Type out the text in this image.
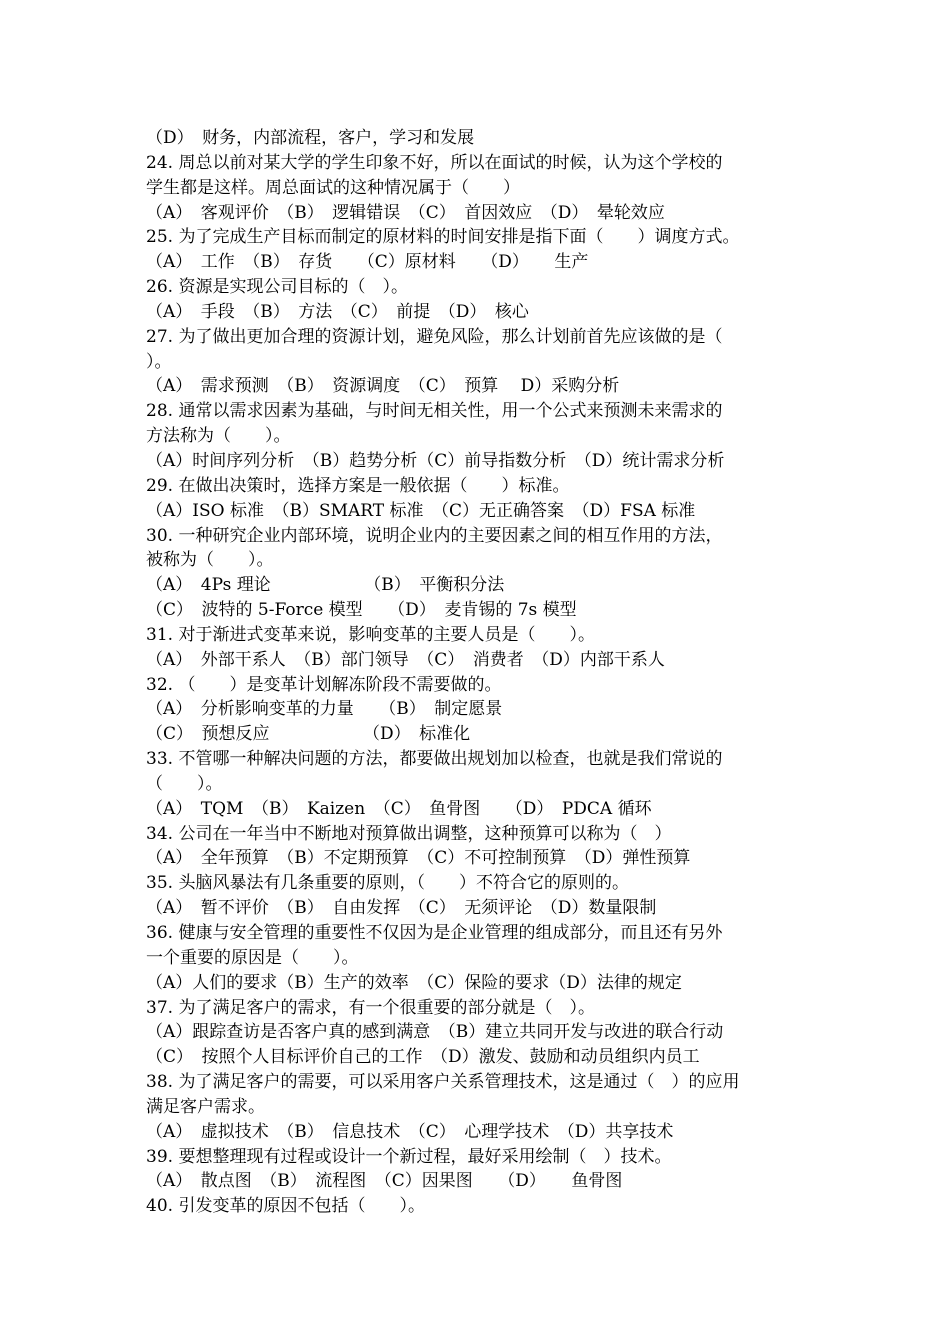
（D）　财务，内部流程，客户，学习和发展
24. 周总以前对某大学的学生印象不好，所以在面试的时候，认为这个学校的
学生都是这样。周总面试的这种情况属于（　　）
（A）　客观评价　（B）　逻辑错误　（C）　首因效应　（D）　晕轮效应
25. 为了完成生产目标而制定的原材料的时间安排是指下面（　　）调度方式。
（A）　工作　（B）　存货　　（C）原材料　　（D）　　生产
26. 资源是实现公司目标的（　）。
（A）　手段　（B）　方法　（C）　前提　（D）　核心
27. 为了做出更加合理的资源计划，避免风险，那么计划前首先应该做的是（
）。
（A）　需求预测　（B）　资源调度　（C）　预算　 D）采购分析
28. 通常以需求因素为基础，与时间无相关性，用一个公式来预测未来需求的
方法称为（　　）。
（A）时间序列分析　（B）趋势分析（C）前导指数分析　（D）统计需求分析
29. 在做出决策时，选择方案是一般依据（　　）标准。
（A）ISO 标准　（B）SMART 标准　（C）无正确答案　（D）FSA 标准
30. 一种研究企业内部环境，说明企业内的主要因素之间的相互作用的方法，
被称为（　　）。
（A）　4Ps 理论　　　　　　（B）　平衡积分法
（C）　波特的 5-Force 模型　　（D）　麦肯锡的 7s 模型
31. 对于渐进式变革来说，影响变革的主要人员是（　　）。
（A）　外部干系人　（B）部门领导　（C）　消费者　（D）内部干系人
32. （　　）是变革计划解冻阶段不需要做的。
（A）　分析影响变革的力量　　（B）　制定愿景
（C）　预想反应　　　　　　（D）　标准化
33. 不管哪一种解决问题的方法，都要做出规划加以检查，也就是我们常说的
（　　）。
（A）　TQM　（B）　Kaizen　（C）　鱼骨图　　（D）　PDCA 循环
34. 公司在一年当中不断地对预算做出调整，这种预算可以称为（　）
（A）　全年预算　（B）不定期预算　（C）不可控制预算　（D）弹性预算
35. 头脑风暴法有几条重要的原则，（　　）不符合它的原则的。
（A）　暂不评价　（B）　自由发挥　（C）　无须评论　（D）数量限制
36. 健康与安全管理的重要性不仅因为是企业管理的组成部分，而且还有另外
一个重要的原因是（　　）。
（A）人们的要求（B）生产的效率　（C）保险的要求（D）法律的规定
37. 为了满足客户的需求，有一个很重要的部分就是（　）。
（A）跟踪查访是否客户真的感到满意　（B）建立共同开发与改进的联合行动
（C）　按照个人目标评价自己的工作　（D）激发、鼓励和动员组织内员工
38. 为了满足客户的需要，可以采用客户关系管理技术，这是通过（　）的应用
满足客户需求。
（A）　虚拟技术　（B）　信息技术　（C）　心理学技术　（D）共享技术
39. 要想整理现有过程或设计一个新过程，最好采用绘制（　）技术。
（A）　散点图　（B）　流程图　（C）因果图　　（D）　　鱼骨图
40. 引发变革的原因不包括（　　）。
